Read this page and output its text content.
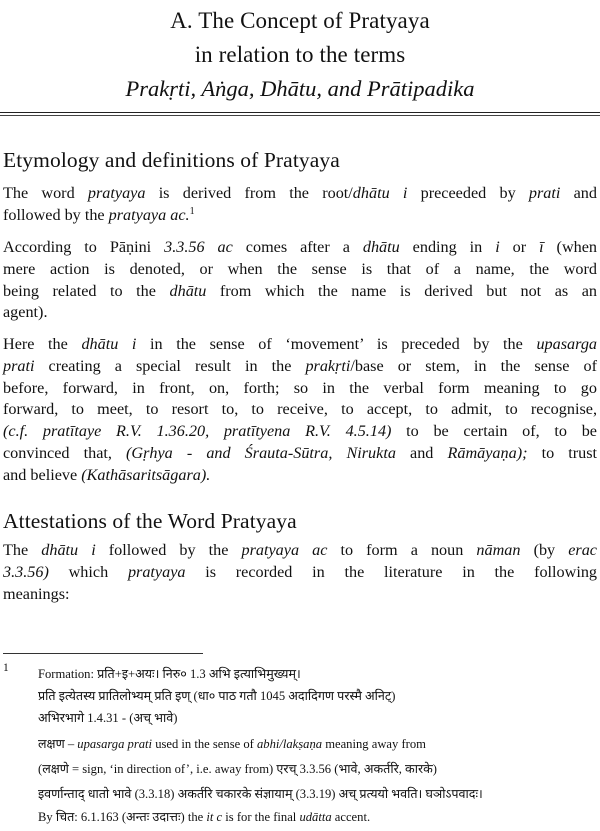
A. The Concept of Pratyaya
in relation to the terms
Prakṛti, Aṅga, Dhātu, and Prātipadika
Etymology and definitions of Pratyaya
The word pratyaya is derived from the root/dhātu i preceeded by prati and
followed by the pratyaya ac.$^1$
According to Pāṇini 3.3.56 ac comes after a dhātu ending in i or ī (when
mere action is denoted, or when the sense is that of a name, the word
being related to the dhātu from which the name is derived but not as an
agent).
Here the dhātu i in the sense of ‘movement’ is preceded by the upasarga
prati creating a special result in the prakṛti/base or stem, in the sense of
before, forward, in front, on, forth; so in the verbal form meaning to go
forward, to meet, to resort to, to receive, to accept, to admit, to recognise,
(c.f. pratītaye R.V. 1.36.20, pratītyena R.V. 4.5.14) to be certain of, to be
convinced that, (Gṛhya - and Śrauta-Sūtra, Nirukta and Rāmāyaṇa); to trust
and believe (Kathāsaritsāgara).
Attestations of the Word Pratyaya
The dhātu i followed by the pratyaya ac to form a noun nāman (by erac
3.3.56) which pratyaya is recorded in the literature in the following
meanings:
1 Formation: प्रति+इ+अयः। निरु० 1.3 अभि इत्याभिमुख्यम्।
प्रति इत्येतस्य प्रातिलोभ्यम् प्रति इण् (धा० पाठ गतौ 1045 अदादिगण परस्मै अनिट्)
अभिरभागे 1.4.31 - (अच् भावे)
लक्षण – upasarga prati used in the sense of abhi/lakṣaṇa meaning away from
(लक्षणे = sign, ‘in direction of’, i.e. away from) एरच् 3.3.56 (भावे, अकर्तरि, कारके)
इवर्णान्ताद् धातो भावे (3.3.18) अकर्तरि चकारके संज्ञायाम् (3.3.19) अच् प्रत्ययो भवति। घञोऽपवादः।
By चित: 6.1.163 (अन्तः उदात्तः) the it c is for the final udātta accent.
